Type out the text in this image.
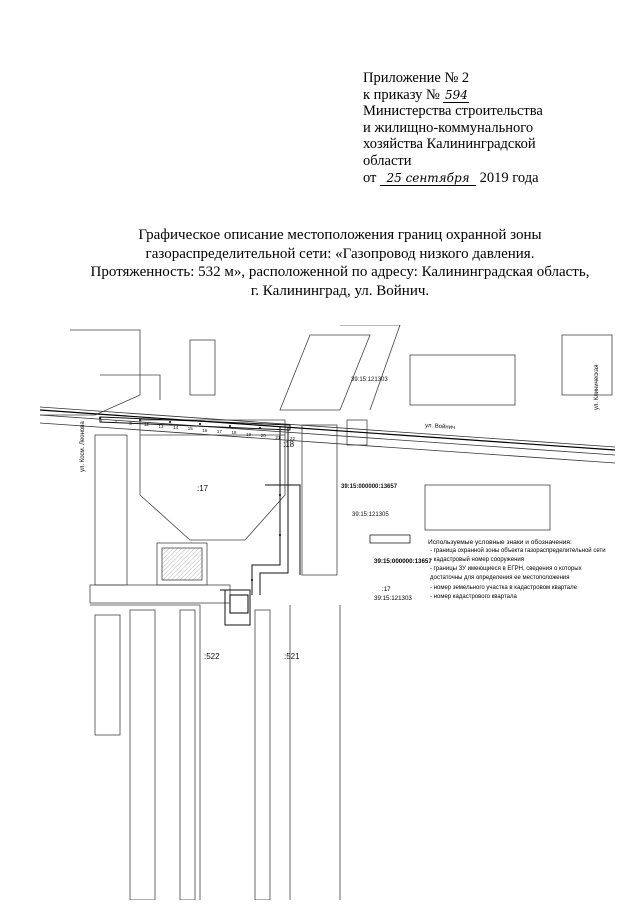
Приложение № 2
к приказу № 594
Министерства строительства
и жилищно-коммунального
хозяйства Калининградской
области
от 25 сентября 2019 года
Графическое описание местоположения границ охранной зоны
газораспределительной сети: «Газопровод низкого давления.
Протяженность: 532 м», расположенной по адресу: Калининградская область,
г. Калининград, ул. Войнич.
:17
:18
:522	:521
39:15:000000:13657
39:15:121303
39:15:121305
ул. Войнич
ул. Косм. Леонова
ул. Клиническая
Используемые условные знаки и обозначения:
- граница охранной зоны объекта газораспределительной сети
39:15:000000:13657
- кадастровый номер сооружения
- границы ЗУ имеющиеся в ЕГРН, сведения о которых
достаточны для определения ее местоположения
:17	- номер земельного участка в кадастровом квартале
39:15:121303	- номер кадастрового квартала
1	2	3	12 13 14 15 16 17 18 19 20 21 22
